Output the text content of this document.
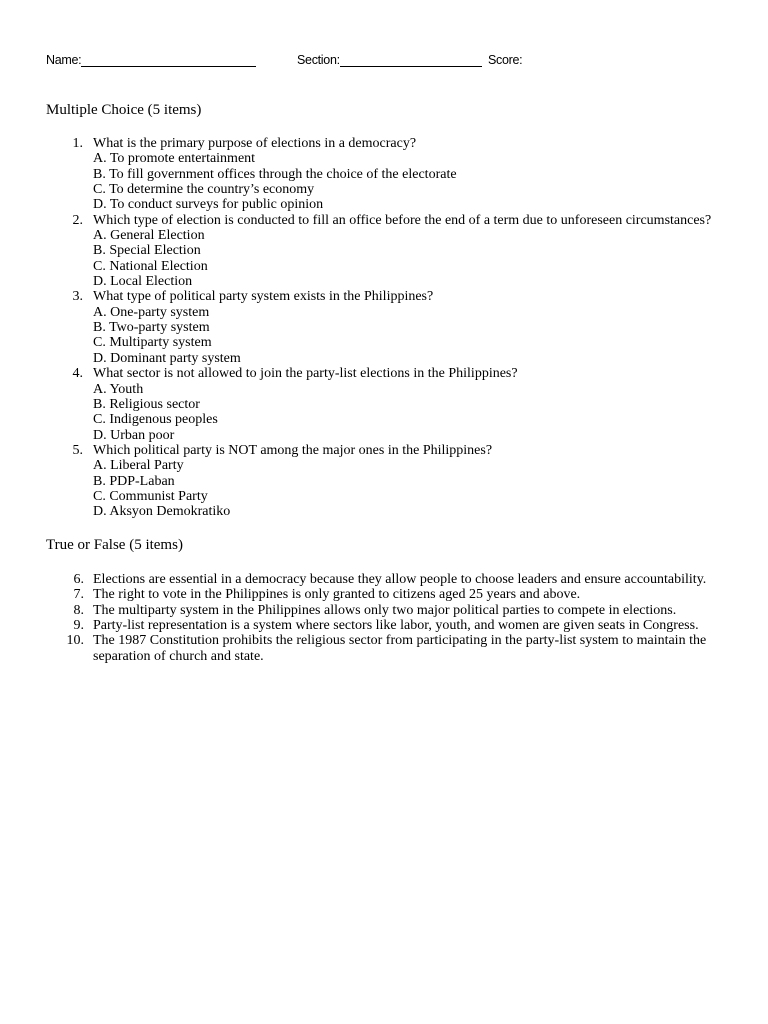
Name:	Section:	Score:
Multiple Choice (5 items)
1. What is the primary purpose of elections in a democracy?
A. To promote entertainment
B. To fill government offices through the choice of the electorate
C. To determine the country’s economy
D. To conduct surveys for public opinion
2. Which type of election is conducted to fill an office before the end of a term due to unforeseen circumstances?
A. General Election
B. Special Election
C. National Election
D. Local Election
3. What type of political party system exists in the Philippines?
A. One-party system
B. Two-party system
C. Multiparty system
D. Dominant party system
4. What sector is not allowed to join the party-list elections in the Philippines?
A. Youth
B. Religious sector
C. Indigenous peoples
D. Urban poor
5. Which political party is NOT among the major ones in the Philippines?
A. Liberal Party
B. PDP-Laban
C. Communist Party
D. Aksyon Demokratiko
True or False (5 items)
6. Elections are essential in a democracy because they allow people to choose leaders and ensure accountability.
7. The right to vote in the Philippines is only granted to citizens aged 25 years and above.
8. The multiparty system in the Philippines allows only two major political parties to compete in elections.
9. Party-list representation is a system where sectors like labor, youth, and women are given seats in Congress.
10. The 1987 Constitution prohibits the religious sector from participating in the party-list system to maintain the separation of church and state.
